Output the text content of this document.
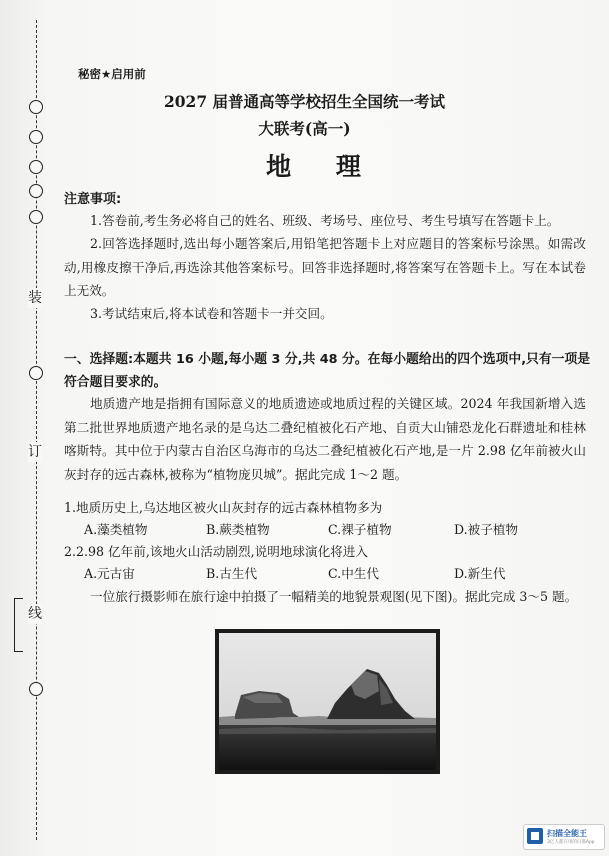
装
订
线
秘密★启用前
2027 届普通高等学校招生全国统一考试
大联考(高一)
地 理
注意事项:
1.答卷前,考生务必将自己的姓名、班级、考场号、座位号、考生号填写在答题卡上。
2.回答选择题时,选出每小题答案后,用铅笔把答题卡上对应题目的答案标号涂黑。如需改动,用橡皮擦干净后,再选涂其他答案标号。回答非选择题时,将答案写在答题卡上。写在本试卷上无效。
3.考试结束后,将本试卷和答题卡一并交回。
一、选择题:本题共 16 小题,每小题 3 分,共 48 分。在每小题给出的四个选项中,只有一项是符合题目要求的。
地质遗产地是指拥有国际意义的地质遗迹或地质过程的关键区域。2024 年我国新增入选第二批世界地质遗产地名录的是乌达二叠纪植被化石产地、自贡大山铺恐龙化石群遗址和桂林喀斯特。其中位于内蒙古自治区乌海市的乌达二叠纪植被化石产地,是一片 2.98 亿年前被火山灰封存的远古森林,被称为“植物庞贝城”。据此完成 1～2 题。
1.地质历史上,乌达地区被火山灰封存的远古森林植物多为
A.藻类植物	B.蕨类植物	C.裸子植物	D.被子植物
2.2.98 亿年前,该地火山活动剧烈,说明地球演化将进入
A.元古宙	B.古生代	C.中生代	D.新生代
一位旅行摄影师在旅行途中拍摄了一幅精美的地貌景观图(见下图)。据此完成 3～5 题。
扫描全能王
3亿人都在用的扫描App
